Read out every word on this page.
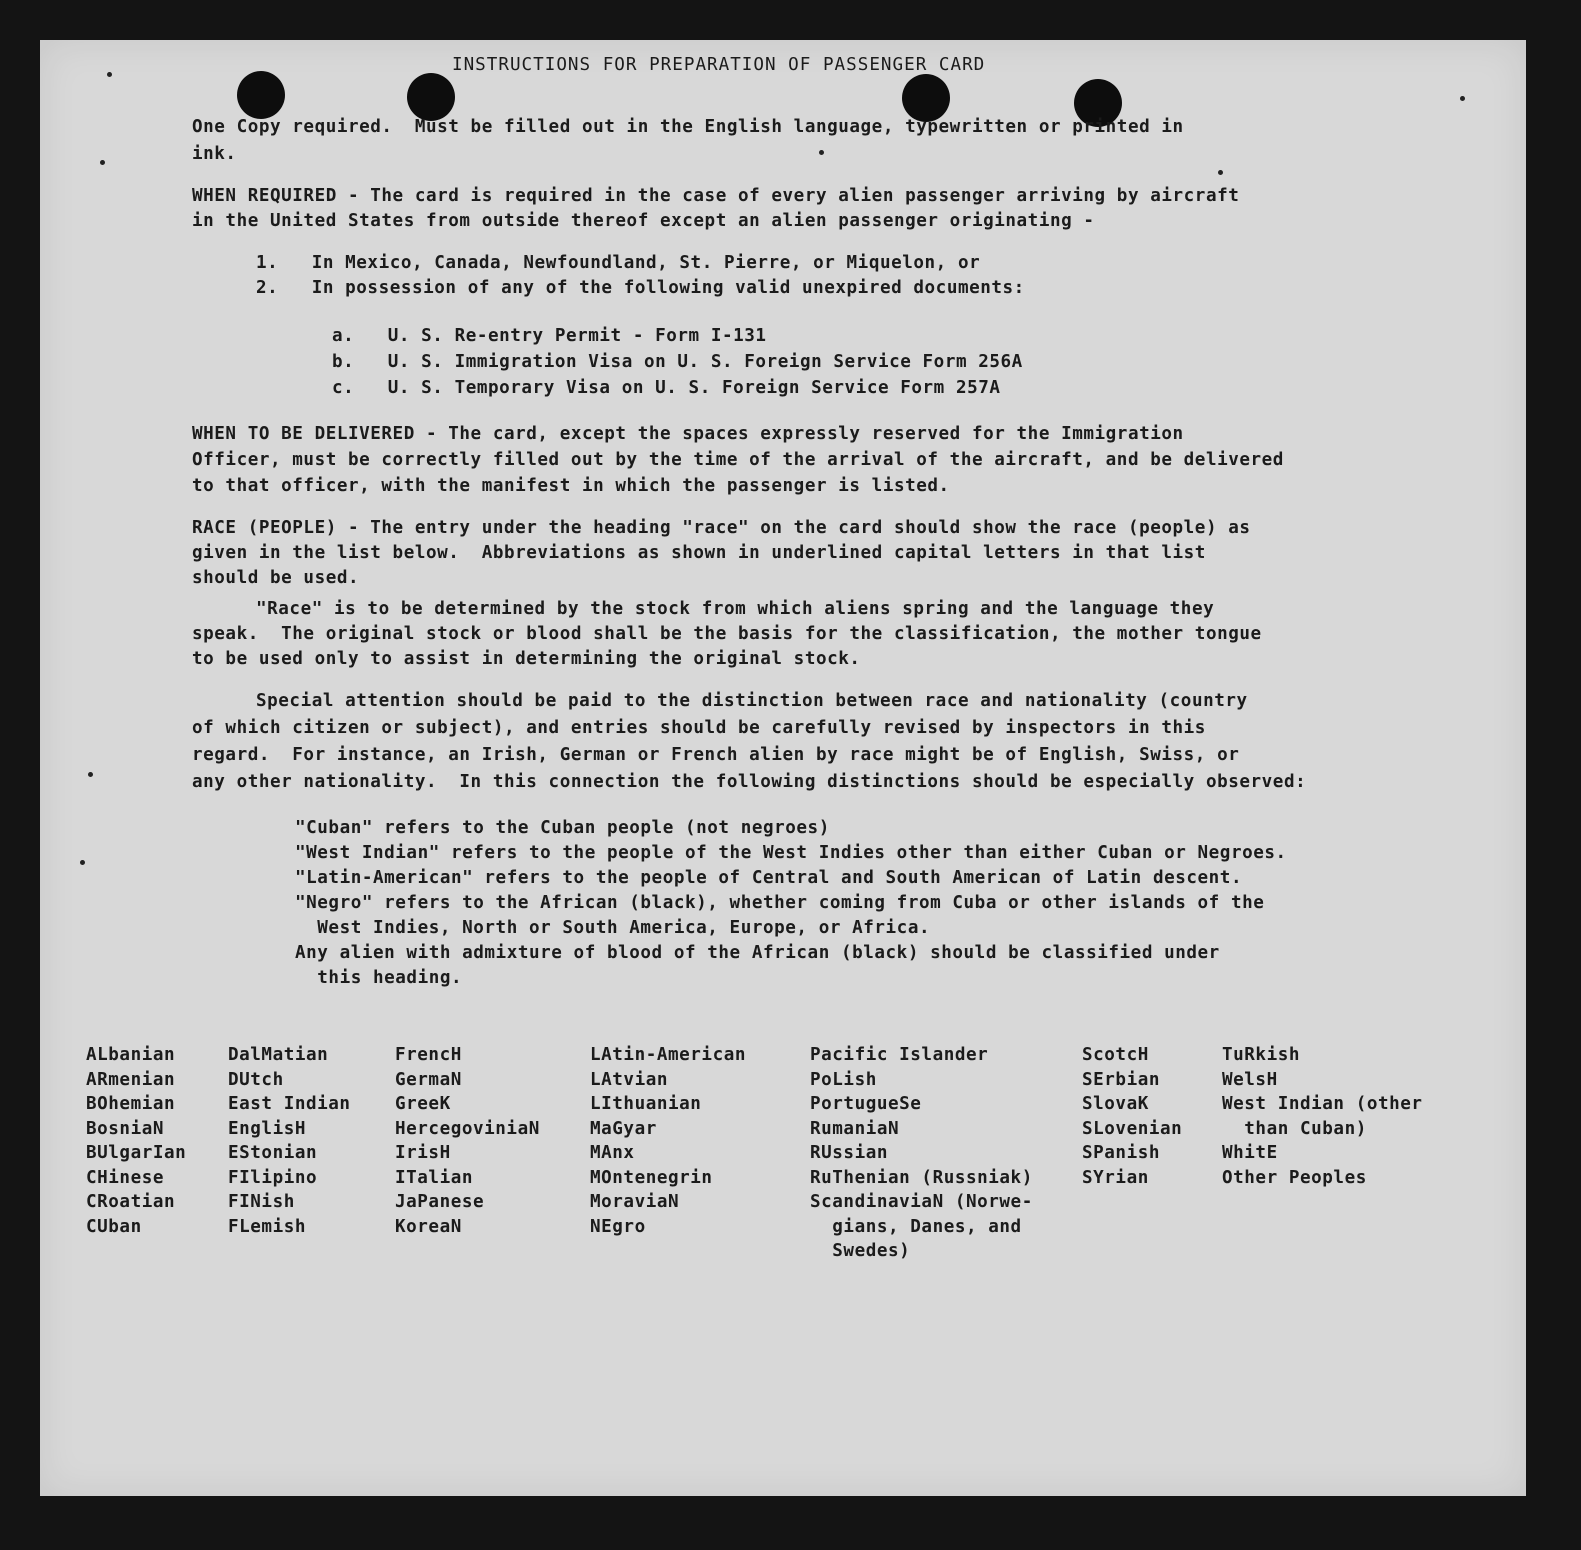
INSTRUCTIONS FOR PREPARATION OF PASSENGER CARD
One Copy required.  Must be filled out in the English language, typewritten or printed in
ink.
WHEN REQUIRED - The card is required in the case of every alien passenger arriving by aircraft
in the United States from outside thereof except an alien passenger originating -
1.   In Mexico, Canada, Newfoundland, St. Pierre, or Miquelon, or
2.   In possession of any of the following valid unexpired documents:
a.   U. S. Re-entry Permit - Form I-131
b.   U. S. Immigration Visa on U. S. Foreign Service Form 256A
c.   U. S. Temporary Visa on U. S. Foreign Service Form 257A
WHEN TO BE DELIVERED - The card, except the spaces expressly reserved for the Immigration
Officer, must be correctly filled out by the time of the arrival of the aircraft, and be delivered
to that officer, with the manifest in which the passenger is listed.
RACE (PEOPLE) - The entry under the heading "race" on the card should show the race (people) as
given in the list below.  Abbreviations as shown in underlined capital letters in that list
should be used.
"Race" is to be determined by the stock from which aliens spring and the language they
speak.  The original stock or blood shall be the basis for the classification, the mother tongue
to be used only to assist in determining the original stock.
Special attention should be paid to the distinction between race and nationality (country
of which citizen or subject), and entries should be carefully revised by inspectors in this
regard.  For instance, an Irish, German or French alien by race might be of English, Swiss, or
any other nationality.  In this connection the following distinctions should be especially observed:
"Cuban" refers to the Cuban people (not negroes)
"West Indian" refers to the people of the West Indies other than either Cuban or Negroes.
"Latin-American" refers to the people of Central and South American of Latin descent.
"Negro" refers to the African (black), whether coming from Cuba or other islands of the
West Indies, North or South America, Europe, or Africa.
Any alien with admixture of blood of the African (black) should be classified under
this heading.
ALbanian
ARmenian
BOhemian
BosniaN
BUlgarIan
CHinese
CRoatian
CUban
DalMatian
DUtch
East Indian
EnglisH
EStonian
FIlipino
FINish
FLemish
FrencH
GermaN
GreeK
HercegoviniaN
IrisH
ITalian
JaPanese
KoreaN
LAtin-American
LAtvian
LIthuanian
MaGyar
MAnx
MOntenegrin
MoraviaN
NEgro
Pacific Islander
PoLish
PortugueSe
RumaniaN
RUssian
RuThenian (Russniak)
ScandinaviaN (Norwe-
gians, Danes, and
Swedes)
ScotcH
SErbian
SlovaK
SLovenian
SPanish
SYrian
TuRkish
WelsH
West Indian (other
than Cuban)
WhitE
Other Peoples
